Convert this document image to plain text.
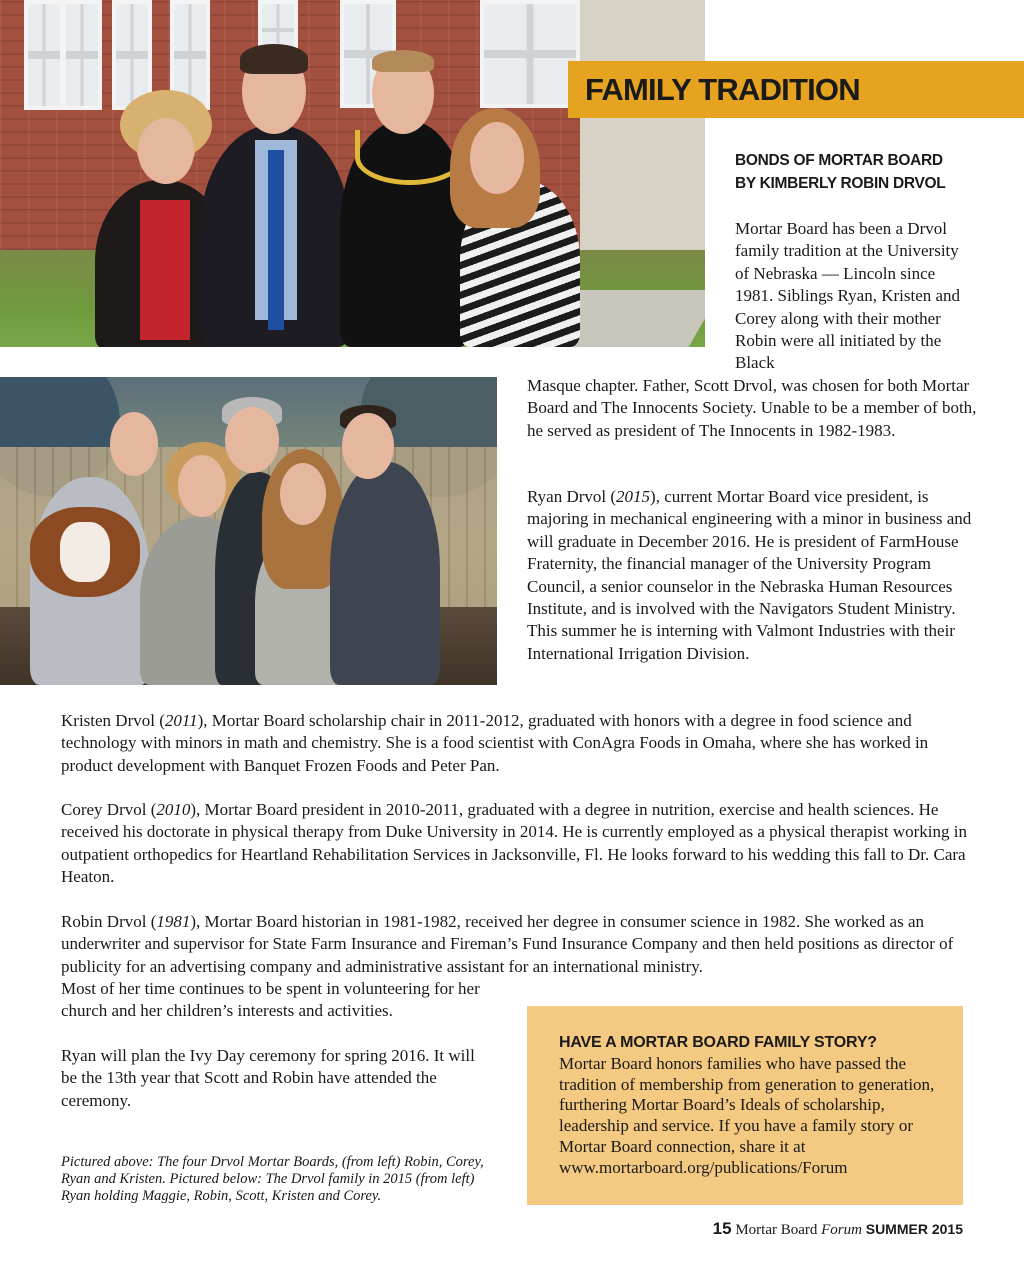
FAMILY TRADITION
BONDS OF MORTAR BOARD
BY KIMBERLY ROBIN DRVOL

Mortar Board has been a Drvol family tradition at the University of Nebraska — Lincoln since 1981. Siblings Ryan, Kristen and Corey along with their mother Robin were all initiated by the Black

Masque chapter. Father, Scott Drvol, was chosen for both Mortar Board and The Innocents Society. Unable to be a member of both, he served as president of The Innocents in 1982-1983.

Ryan Drvol (2015), current Mortar Board vice president, is majoring in mechanical engineering with a minor in business and will graduate in December 2016. He is president of FarmHouse Fraternity, the financial manager of the University Program Council, a senior counselor in the Nebraska Human Resources Institute, and is involved with the Navigators Student Ministry. This summer he is interning with Valmont Industries with their International Irrigation Division.

Kristen Drvol (2011), Mortar Board scholarship chair in 2011-2012, graduated with honors with a degree in food science and technology with minors in math and chemistry. She is a food scientist with ConAgra Foods in Omaha, where she has worked in product development with Banquet Frozen Foods and Peter Pan.

Corey Drvol (2010), Mortar Board president in 2010-2011, graduated with a degree in nutrition, exercise and health sciences. He received his doctorate in physical therapy from Duke University in 2014. He is currently employed as a physical therapist working in outpatient orthopedics for Heartland Rehabilitation Services in Jacksonville, Fl. He looks forward to his wedding this fall to Dr. Cara Heaton.

Robin Drvol (1981), Mortar Board historian in 1981-1982, received her degree in consumer science in 1982. She worked as an underwriter and supervisor for State Farm Insurance and Fireman’s Fund Insurance Company and then held positions as director of publicity for an advertising company and administrative assistant for an international ministry.

Most of her time continues to be spent in volunteering for her church and her children’s interests and activities.

Ryan will plan the Ivy Day ceremony for spring 2016. It will be the 13th year that Scott and Robin have attended the ceremony.

Pictured above: The four Drvol Mortar Boards, (from left) Robin, Corey, Ryan and Kristen. Pictured below: The Drvol family in 2015 (from left) Ryan holding Maggie, Robin, Scott, Kristen and Corey.
HAVE A MORTAR BOARD FAMILY STORY?
Mortar Board honors families who have passed the tradition of membership from generation to generation, furthering Mortar Board’s Ideals of scholarship, leadership and service. If you have a family story or Mortar Board connection, share it at www.mortarboard.org/publications/Forum
15 Mortar Board Forum SUMMER 2015
